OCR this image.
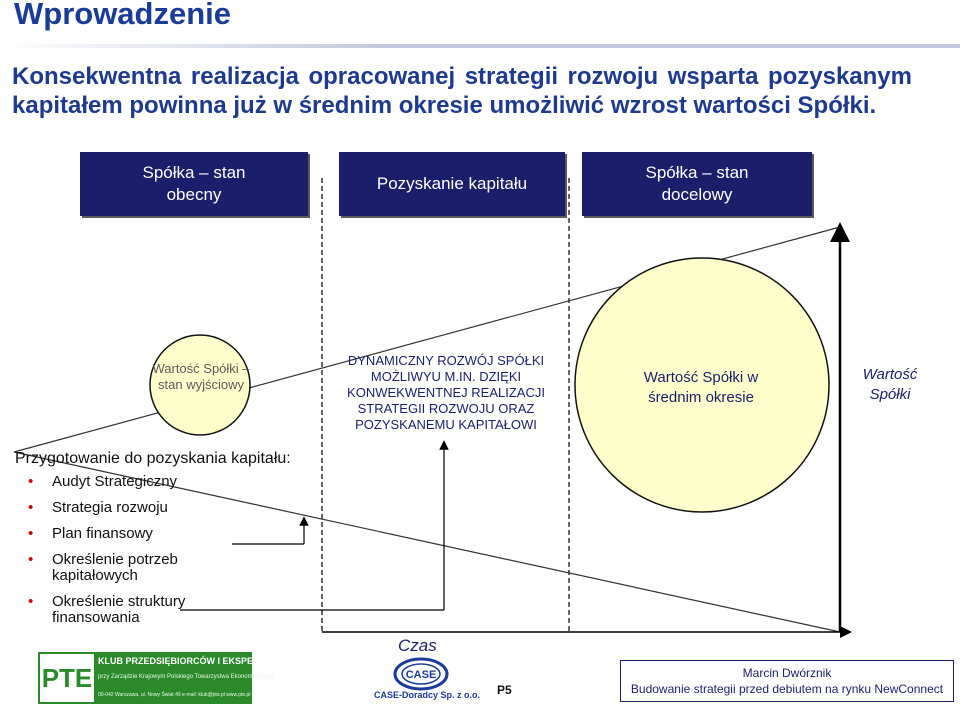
Wprowadzenie
Konsekwentna realizacja opracowanej strategii rozwoju wsparta pozyskanym kapitałem powinna już w średnim okresie umożliwić wzrost wartości Spółki.
Spółka – stan obecny
Pozyskanie kapitału
Spółka – stan docelowy
Wartość Spółki – stan wyjściowy
DYNAMICZNY ROZWÓJ SPÓŁKI MOŻLIWYU M.IN. DZIĘKI KONWEKWENTNEJ REALIZACJI STRATEGII ROZWOJU ORAZ POZYSKANEMU KAPITAŁOWI
Wartość Spółki w średnim okresie
Wartość Spółki
Czas
Przygotowanie do pozyskania kapitału:
• Audyt Strategiczny
• Strategia rozwoju
• Plan finansowy
• Określenie potrzeb kapitałowych
• Określenie struktury finansowania
PTE
KLUB PRZEDSIĘBIORCÓW I EKSPERTÓW
przy Zarządzie Krajowym Polskiego Towarzystwa Ekonomicznego
00-042 Warszawa, ul. Nowy Świat 49 e-mail: klub@pte.pl www.pte.pl
CASE
CASE-Doradcy Sp. z o.o. P5
Marcin Dwórznik
Budowanie strategii przed debiutem na rynku NewConnect
